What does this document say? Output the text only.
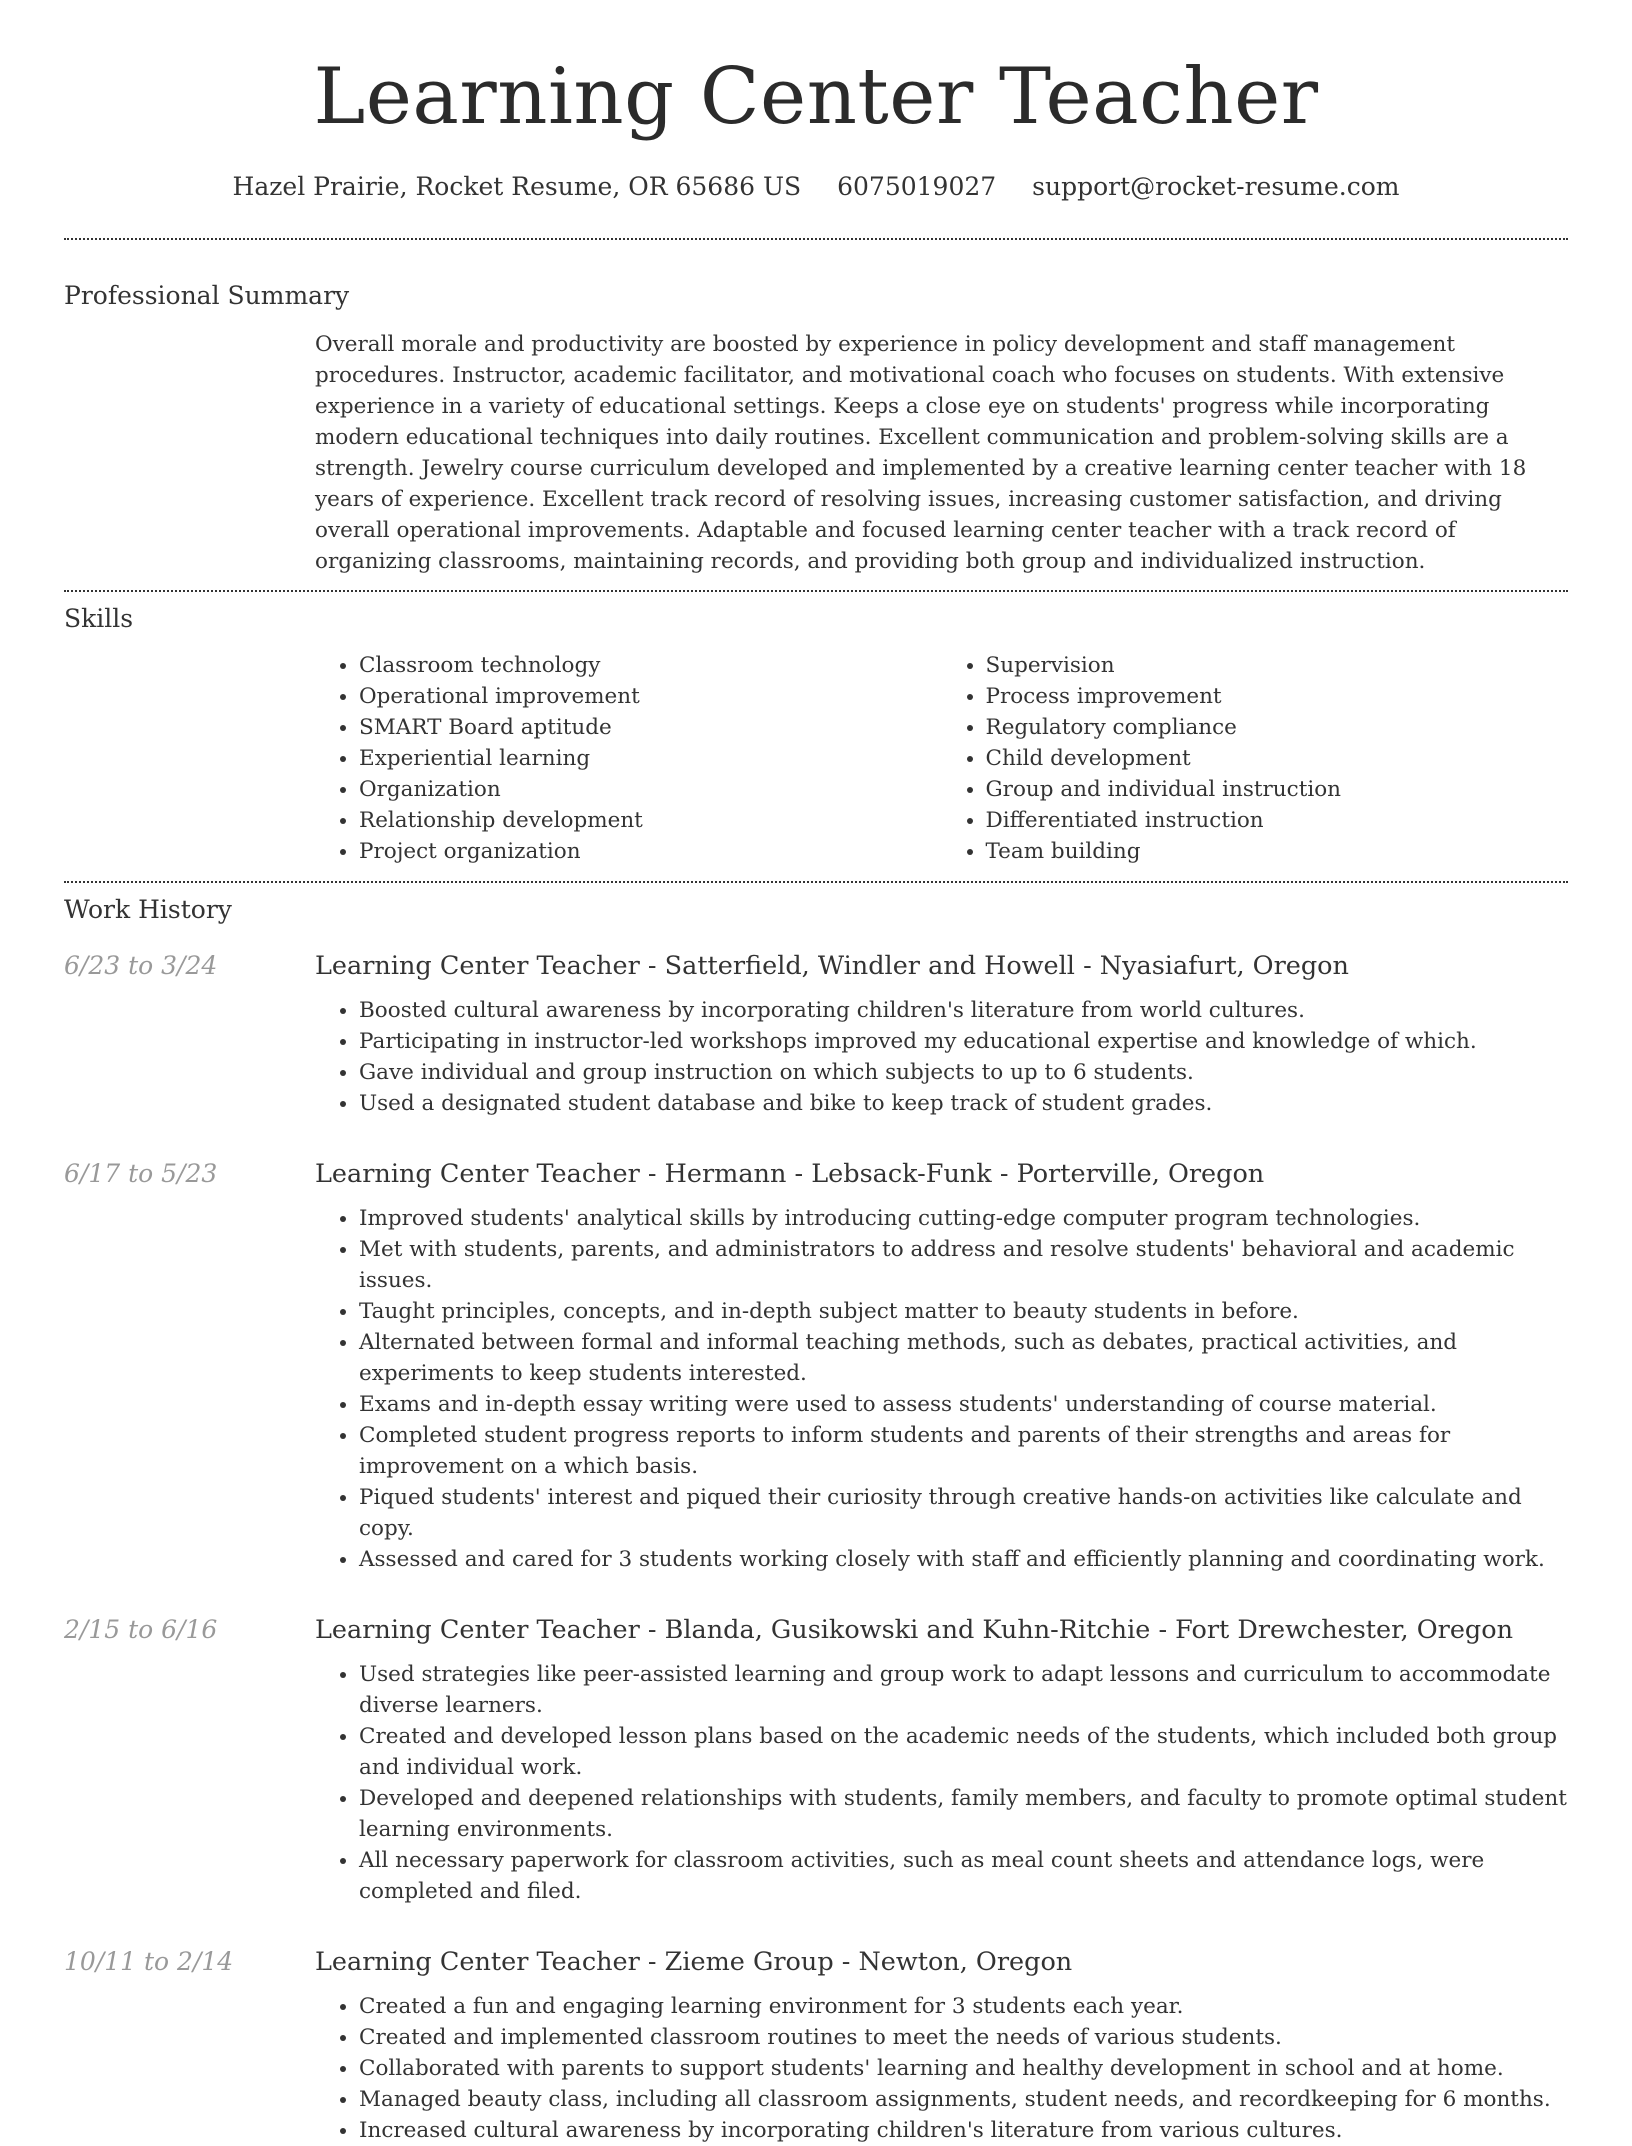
Learning Center Teacher
Hazel Prairie, Rocket Resume, OR 65686 US 6075019027 support@rocket-resume.com
Professional Summary

Overall morale and productivity are boosted by experience in policy development and staff management procedures. Instructor, academic facilitator, and motivational coach who focuses on students. With extensive experience in a variety of educational settings. Keeps a close eye on students' progress while incorporating modern educational techniques into daily routines. Excellent communication and problem-solving skills are a strength. Jewelry course curriculum developed and implemented by a creative learning center teacher with 18 years of experience. Excellent track record of resolving issues, increasing customer satisfaction, and driving overall operational improvements. Adaptable and focused learning center teacher with a track record of organizing classrooms, maintaining records, and providing both group and individualized instruction.

Skills
• Classroom technology
• Operational improvement
• SMART Board aptitude
• Experiential learning
• Organization
• Relationship development
• Project organization
• Supervision
• Process improvement
• Regulatory compliance
• Child development
• Group and individual instruction
• Differentiated instruction
• Team building
Work History
6/23 to 3/24	Learning Center Teacher - Satterfield, Windler and Howell - Nyasiafurt, Oregon
• Boosted cultural awareness by incorporating children's literature from world cultures.
• Participating in instructor-led workshops improved my educational expertise and knowledge of which.
• Gave individual and group instruction on which subjects to up to 6 students.
• Used a designated student database and bike to keep track of student grades.
6/17 to 5/23	Learning Center Teacher - Hermann - Lebsack-Funk - Porterville, Oregon
• Improved students' analytical skills by introducing cutting-edge computer program technologies.
• Met with students, parents, and administrators to address and resolve students' behavioral and academic issues.
• Taught principles, concepts, and in-depth subject matter to beauty students in before.
• Alternated between formal and informal teaching methods, such as debates, practical activities, and experiments to keep students interested.
• Exams and in-depth essay writing were used to assess students' understanding of course material.
• Completed student progress reports to inform students and parents of their strengths and areas for improvement on a which basis.
• Piqued students' interest and piqued their curiosity through creative hands-on activities like calculate and copy.
• Assessed and cared for 3 students working closely with staff and efficiently planning and coordinating work.
2/15 to 6/16	Learning Center Teacher - Blanda, Gusikowski and Kuhn-Ritchie - Fort Drewchester, Oregon
• Used strategies like peer-assisted learning and group work to adapt lessons and curriculum to accommodate diverse learners.
• Created and developed lesson plans based on the academic needs of the students, which included both group and individual work.
• Developed and deepened relationships with students, family members, and faculty to promote optimal student learning environments.
• All necessary paperwork for classroom activities, such as meal count sheets and attendance logs, were completed and filed.
10/11 to 2/14	Learning Center Teacher - Zieme Group - Newton, Oregon
• Created a fun and engaging learning environment for 3 students each year.
• Created and implemented classroom routines to meet the needs of various students.
• Collaborated with parents to support students' learning and healthy development in school and at home.
• Managed beauty class, including all classroom assignments, student needs, and recordkeeping for 6 months.
• Increased cultural awareness by incorporating children's literature from various cultures.
